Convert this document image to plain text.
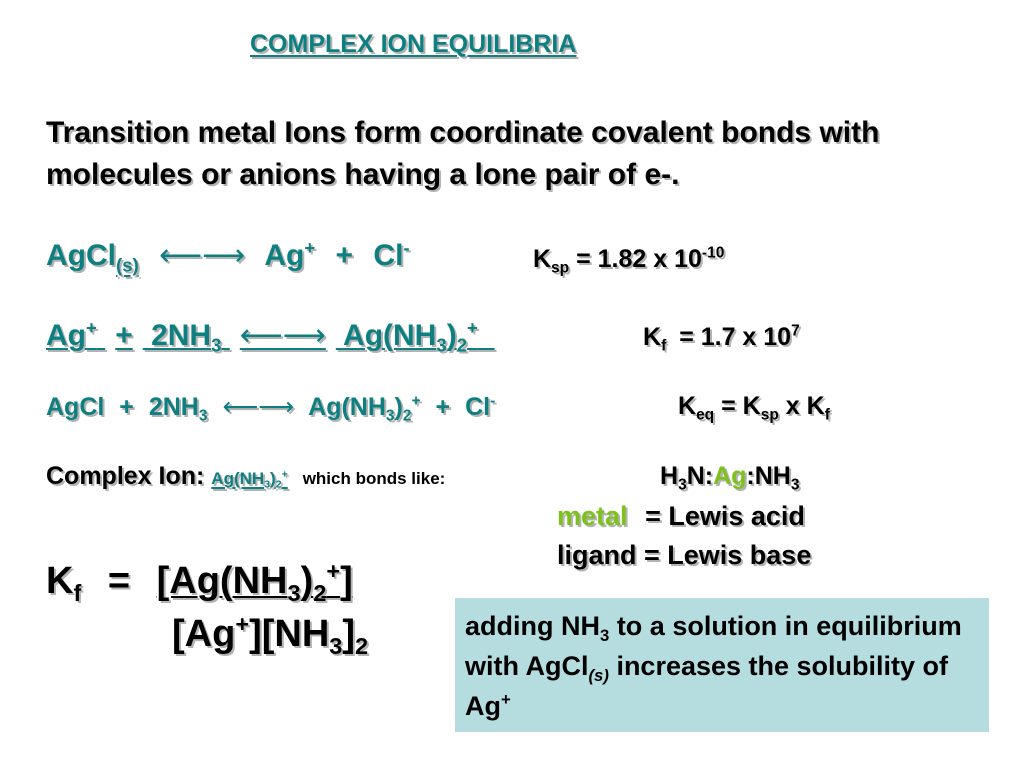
COMPLEX ION EQUILIBRIA
Transition metal Ions form coordinate covalent bonds with
molecules or anions having a lone pair of e-.
AgCl$_{(s)}$ ⟵⟶ Ag+ + Cl-	$K_{sp} = 1.82$ x $10^{-10}$
$Ag^+ + 2NH_3$ ⟵⟶ $Ag(NH_3)_2^+$	$K_f = 1.7$ x $10^7$
AgCl + $2NH_3$ ⟵⟶ $Ag(NH_3)_2^+ + Cl^-$	$K_{eq} = K_{sp}$ x $K_f$
Complex Ion: $Ag(NH_3)_2^+$ which bonds like:	$H_3N:Ag:NH_3$
metal = Lewis acid
ligand = Lewis base
$K_f = [Ag(NH_3)_2^+]$
$[Ag^+][NH_3]_2$
adding $NH_3$ to a solution in equilibrium with AgCl$_{(s)}$ increases the solubility of Ag+
